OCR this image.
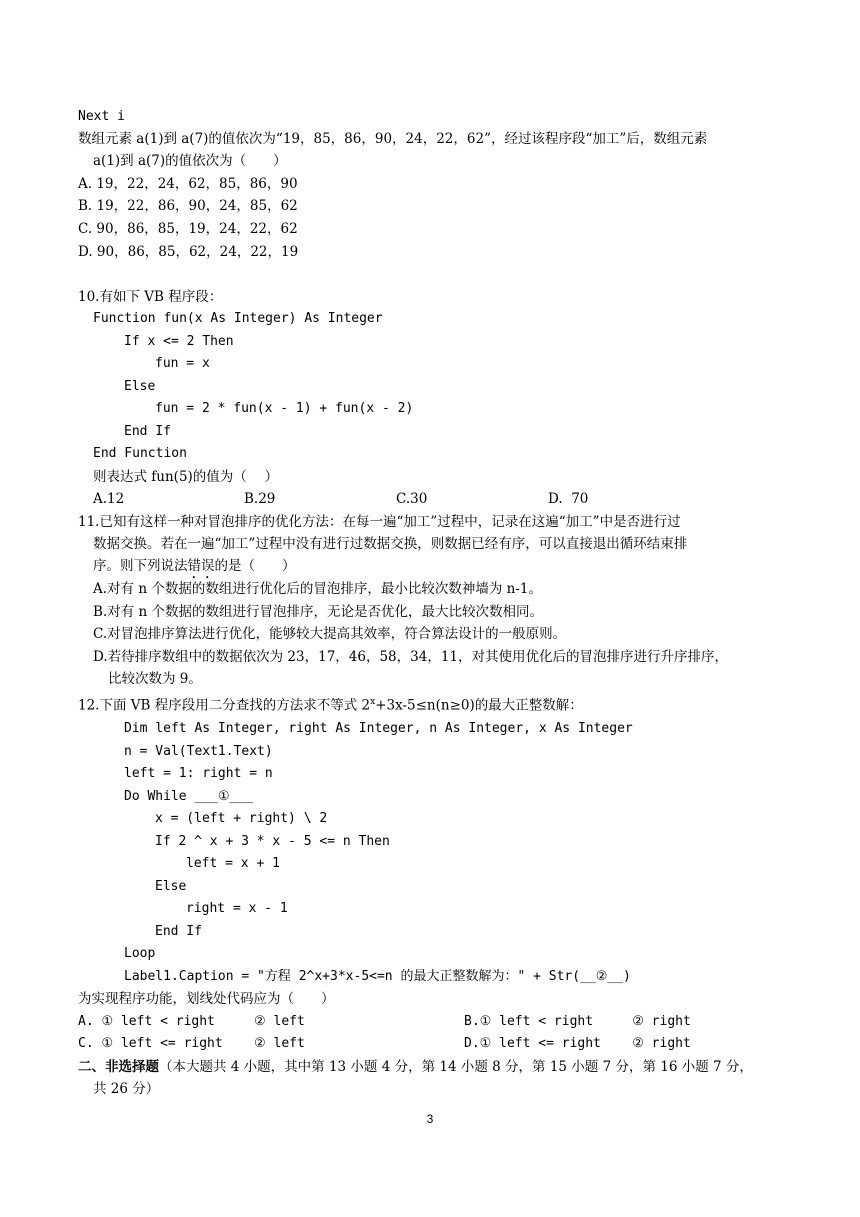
Next i
数组元素 a(1)到 a(7)的值依次为“19，85，86，90，24，22，62”，经过该程序段“加工”后，数组元素
a(1)到 a(7)的值依次为（　　）
A. 19，22，24，62，85，86，90
B. 19，22，86，90，24，85，62
C. 90，86，85，19，24，22，62
D. 90，86，85，62，24，22，19
10.有如下 VB 程序段：
Function fun(x As Integer) As Integer
If x <= 2 Then
fun = x
Else
fun = 2 * fun(x - 1) + fun(x - 2)
End If
End Function
则表达式 fun(5)的值为（　 ）
A.12	B.29	C.30	D.  70
11.已知有这样一种对冒泡排序的优化方法：在每一遍“加工”过程中，记录在这遍“加工”中是否进行过
数据交换。若在一遍“加工”过程中没有进行过数据交换，则数据已经有序，可以直接退出循环结束排
序。则下列说法错误的是（　　）
A.对有 n 个数据的数组进行优化后的冒泡排序，最小比较次数神墙为 n-1。
B.对有 n 个数据的数组进行冒泡排序，无论是否优化，最大比较次数相同。
C.对冒泡排序算法进行优化，能够较大提高其效率，符合算法设计的一般原则。
D.若待排序数组中的数据依次为 23，17，46，58，34，11，对其使用优化后的冒泡排序进行升序排序，
比较次数为 9。
12.下面 VB 程序段用二分查找的方法求不等式 $2^x+3x-5\le n(n\ge 0)$的最大正整数解：
Dim left As Integer, right As Integer, n As Integer, x As Integer
n = Val(Text1.Text)
left = 1: right = n
Do While ___①___
x = (left + right) \ 2
If 2 ^ x + 3 * x - 5 <= n Then
left = x + 1
Else
right = x - 1
End If
Loop
Label1.Caption = "方程 2^x+3*x-5<=n 的最大正整数解为：" + Str(__②__)
为实现程序功能，划线处代码应为（　　）
A. ① left < right     ② left	B.① left < right     ② right
C. ① left <= right    ② left	D.① left <= right    ② right
二、非选择题（本大题共 4 小题，其中第 13 小题 4 分，第 14 小题 8 分，第 15 小题 7 分，第 16 小题 7 分，
共 26 分）
3
